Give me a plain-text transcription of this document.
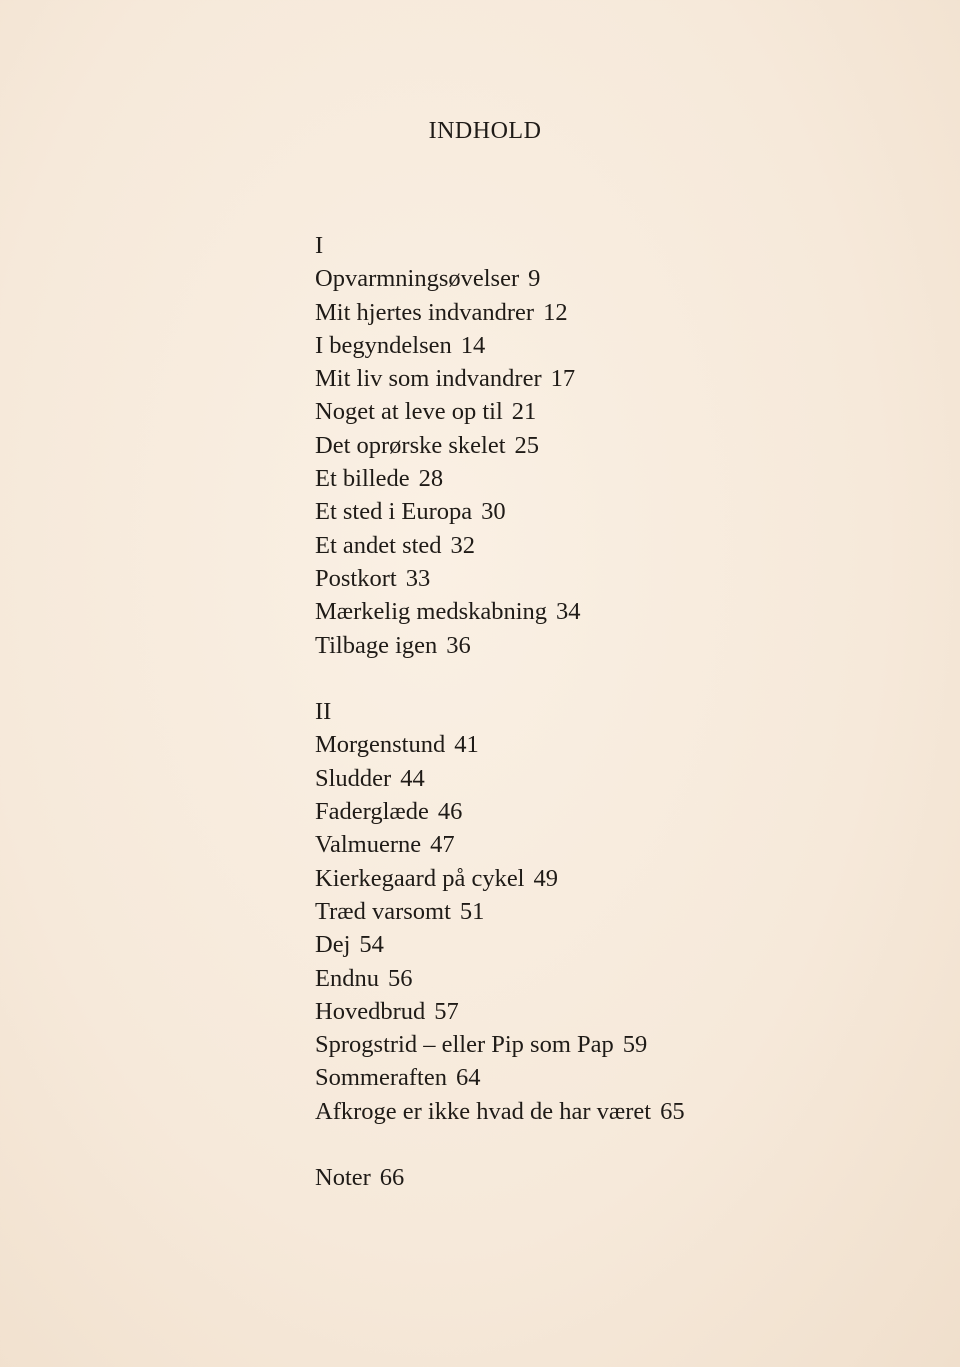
INDHOLD
I
Opvarmningsøvelser 9
Mit hjertes indvandrer 12
I begyndelsen 14
Mit liv som indvandrer 17
Noget at leve op til 21
Det oprørske skelet 25
Et billede 28
Et sted i Europa 30
Et andet sted 32
Postkort 33
Mærkelig medskabning 34
Tilbage igen 36
II
Morgenstund 41
Sludder 44
Faderglæde 46
Valmuerne 47
Kierkegaard på cykel 49
Træd varsomt 51
Dej 54
Endnu 56
Hovedbrud 57
Sprogstrid – eller Pip som Pap 59
Sommeraften 64
Afkroge er ikke hvad de har været 65
Noter 66
